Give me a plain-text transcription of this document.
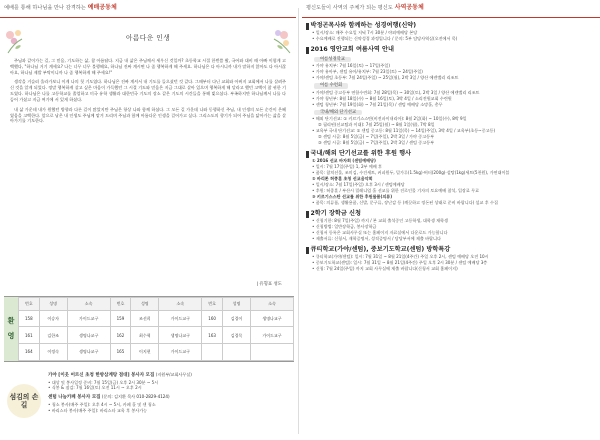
예배를 통해 하나님을 만나 감격하는 예배공동체
아름다운 인생

주님과 같이가는 길, 그 믿음, 기도하는 삶, 참 아름답다. 지금 내 삶은 주님께서 세우신 것일까? 초등학교 시절 한번쯤 봤, 국어와 대비 때 아빠 이렇게 고백했다, "하나님 거기 계세요? 나는 너무 너무 불행해요, 하나님 진짜 계시면 나 좀 행복하게 해 주세요. 하나님은 다 아시니까 내가 말하지 않아도 다 아시잖아요, 하나님 제발 부탁이니까 나 좀 행복하게 해 주세요!"

생각을 거슬러 올라가보니 이게 나의 첫 기도였다. 하나님은 진짜 계셔서 내 기도를 들으셨던 것 같다. 그때부터 다닌 교회와 아버지 교회에서 나를 살려주신 것을 알게 되었다. 정말 행복하게 살고 싶은 마음이 가득했던 그 시절 기도와 믿음은 지금 그대로 살아 있으며 행복하게 해 달라고 했던 고백이 참 귀한 기도였다. 하나님은 나를 고등학교를 졸업하고 미국 유학 생활과 대한민국 기도의 장소 같은 기도의 시간들을 통해 빚으셨다. 부족하지만 하나님께서 나를 다듬어 가셨고 지금 여기에 서 있게 하셨다.

내 삶 가운데 내가 원했던 방향과 다른 길이 많았지만 주님은 항상 나와 함께 하셨다. 그 모든 길 가운데 나와 동행하신 주님, 내 인생의 모든 순간이 은혜였음을 고백한다. 앞으로 남은 내 인생도 주님께 맡겨 드리며 주님과 함께 아름다운 인생을 걸어가고 싶다. 그리스도의 향기가 되어 주님을 닮아가는 삶을 살아가기를 기도한다.

| 유형표 성도
환
영
번호	성명	소속	번호	성명	소속	번호	성명	소속
158	이승자	가이드교구	159	조선희	가이드교구	160	김경이	생명나교구
161	김한조	생명나교구	162	최수혁	생명나교구	163	김경묵	가이드교구
164	이정숙	생명나교구	165	이지현	가이드교구			
섬김의 손길
가야 [이웃 어르신 초청 한방삼계탕 점대] 봉사자 모집 (지원부/교회사무실)
• 대상 및 봉사일정 준비: 7월 15일(금) 오후 2시 30분 ~ 5시
• 식봉 & 점검: 7월 16일(토) 오전 11시 ~ 오후 2시
센텀 나눔카페 봉사자 모집 (문의: 김지환 목사 010-2829-4124)
• 청소 봉사(매주 주일): 오후 4시 ~ 5시, 카페 홀 및 센 청소
• 바리스타 봉사(매주 주일): 바리스타 교육 후 봉사가능
평신도들이 사역의 주체가 되는 평신도 사역공동체
박정곤목사와 함께하는 성경여행(신약)
• 일시/장소: 매주 수요일 저녁 7시 30분 / 야외예배당 본당
• 수요예배로 진행되는 신약성경 과정입니다 / 문의: 5부 담당사역실(오전에서 목)
2016 영안교회 여름사역 안내
여름성경학교
• 가야 유치부: 7월 16일(토) ~ 17일(주일)
• 가야 유아부, 센텀 유아/유치부: 7월 23일(토) ~ 24일(주일)
• 가야/센텀 초등부: 7월 24일(주일) ~ 25일(월), 2박 3일 / 양산 에덴밸리 리조트
여름 수련회
• 가야/센텀 중고등부 연합수련회: 7월 28일(목) ~ 30일(토), 2박 3일 / 양산 에덴밸리 리조트
• 가야 청년부: 8월 18일(수) ~ 8월 16일(토), 3박 4일 / 소리전원교회 수련원
• 센텀 청년부: 7월 19일(화) ~ 7월 21일(목) / 센텀 예배당 소망홀, 총무
국내/해외 단기선교
• 해외 단기선교: ① 키르기스스탄(비전파이내리아): 8월 2일(화) ~ 10일(수), 8박 9일
② 필리핀(선교팀과 이대): 7월 25일(월) ~ 8월 1일(월), 7박 8일
• 교육부 국내 단기선교: ① 센텀 중고등: 8월 11일(목) ~ 14일(주일), 3박 4일 / 교육부(초등~중고등)
② 센텀 시골: 8월 5일(금) ~ 7일(주일), 2박 3일 / 가야 중고등부
③ 센텀 시골: 8월 5일(금) ~ 7일(주일), 2박 3일 / 센텀 중고등부
국내/해외 단기선교를 위한 후원 행사
① 2016 선교 바자회 (센텀예배당)
• 일시: 7월 17일(주일) 1, 2부 예배 후
• 품목: 참치선물, 조미김, 수건세트, 커피원두, 밀가루(1.5kg)·버터(200g)·설탕(1kg)세트(5천원), 가연대이블
② 바리톤 허종훈 초청 선교음악회
• 일시/장소: 7월 17일(주일) 오후 3시 / 센텀예배당
• 후원: 허종훈 / 부산시 밀레니엄 홀 선교를 위한 진로인물 기자의 토요예배 참석, 입장료 무료
③ 키르기스스탄 선교를 위한 후원물품(의류)
• 품목: 의류품, 생활용품, 신발, 문구류, 장난감 등 (깨끗하고 정돈된 상태로 준비 바랍니다) 설교 후 수집
2학기 장학금 신청
• 신청기한: 8월 7일(주일) 까지 / 본 교회 출석중인 고등학생, 대학생 재학생
• 신청방법: 일반장학금, 봉사장학금
• 신청서 등록은 교회사무실 또는 홈페이지 자료실에서 다운로드 가능합니다
• 제출서류: 신청서, 재학증명서, 성적증명서 / 담당부서에 제출 바랍니다
큐티학교(가야/센텀), 중보기도학교(센텀) 방학특강
• 큐티학교(가야/센텀): 일시: 7월 31일 ~ 8월 21일(4주간) 주일 오후 2시, 센텀 예배당 오전 10시
• 중보기도학교(센텀): 일시: 7월 31일 ~ 8월 21일(4주간) 주일 오후 2시 30분 / 센텀 예배당 3층
• 신청: 7월 24일(주일) 까지 교회 사무실에 제출 바랍니다(신청서 교회 홈페이지)
